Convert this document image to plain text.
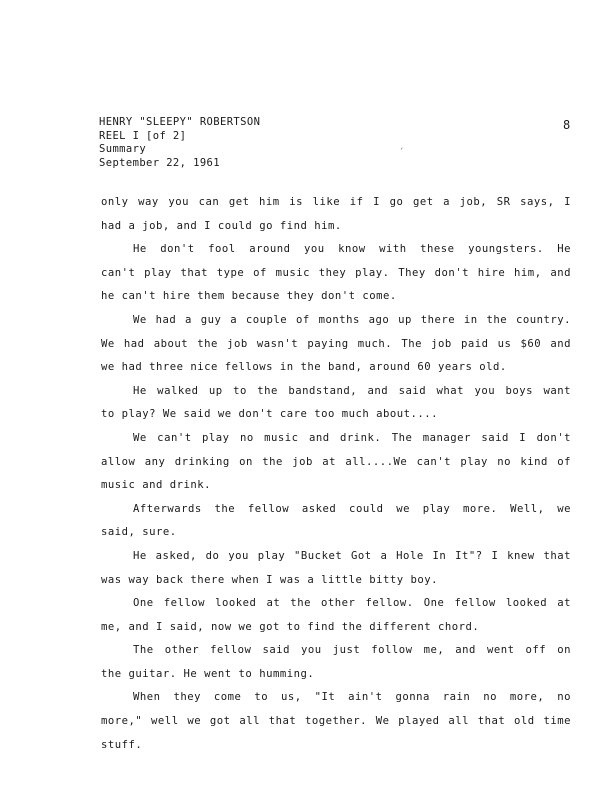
HENRY "SLEEPY" ROBERTSON
REEL I [of 2]
Summary
September 22, 1961
8
ˏ
only way you can get him is like if I go get a job, SR says, I
had a job, and I could go find him.
He don't fool around you know with these youngsters. He
can't play that type of music they play. They don't hire him, and
he can't hire them because they don't come.
We had a guy a couple of months ago up there in the country.
We had about the job wasn't paying much. The job paid us $60 and
we had three nice fellows in the band, around 60 years old.
He walked up to the bandstand, and said what you boys want
to play? We said we don't care too much about....
We can't play no music and drink. The manager said I don't
allow any drinking on the job at all....We can't play no kind of
music and drink.
Afterwards the fellow asked could we play more. Well, we
said, sure.
He asked, do you play "Bucket Got a Hole In It"? I knew that
was way back there when I was a little bitty boy.
One fellow looked at the other fellow. One fellow looked at
me, and I said, now we got to find the different chord.
The other fellow said you just follow me, and went off on
the guitar. He went to humming.
When they come to us, "It ain't gonna rain no more, no
more," well we got all that together. We played all that old time
stuff.
